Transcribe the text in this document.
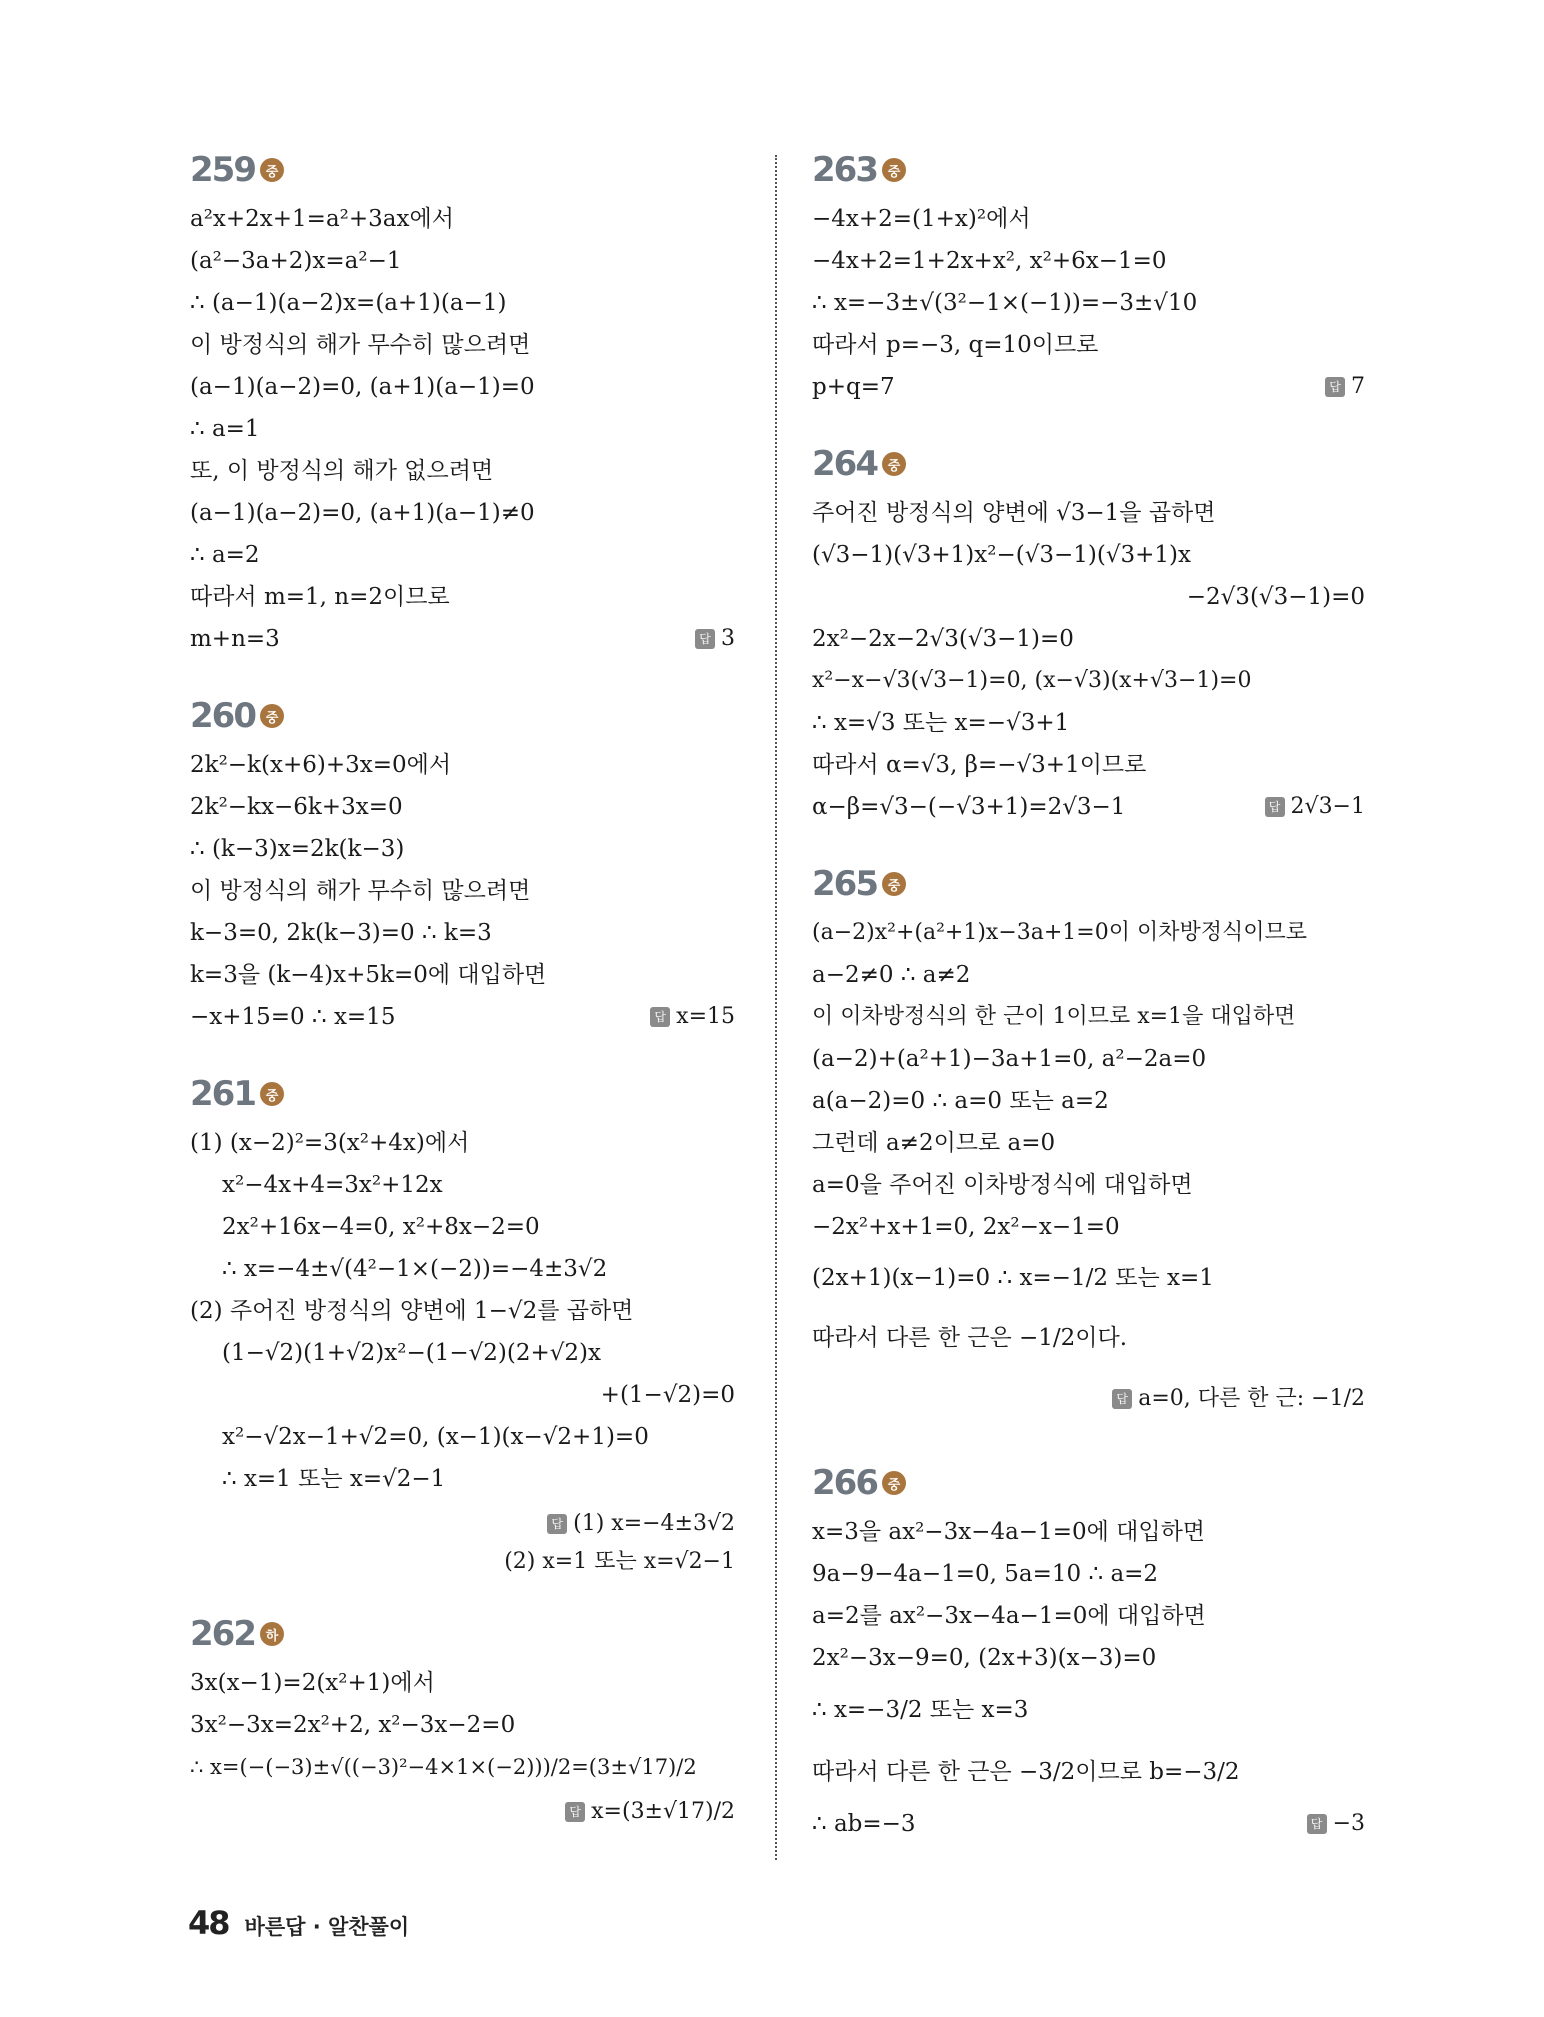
259 중
a²x+2x+1=a²+3ax에서
(a²−3a+2)x=a²−1
∴ (a−1)(a−2)x=(a+1)(a−1)
이 방정식의 해가 무수히 많으려면
(a−1)(a−2)=0, (a+1)(a−1)=0
∴ a=1
또, 이 방정식의 해가 없으려면
(a−1)(a−2)=0, (a+1)(a−1)≠0
∴ a=2
따라서 m=1, n=2이므로
m+n=3	답 3
260 중
2k²−k(x+6)+3x=0에서
2k²−kx−6k+3x=0
∴ (k−3)x=2k(k−3)
이 방정식의 해가 무수히 많으려면
k−3=0, 2k(k−3)=0 ∴ k=3
k=3을 (k−4)x+5k=0에 대입하면
−x+15=0 ∴ x=15	답 x=15
261 중
(1) (x−2)²=3(x²+4x)에서
x²−4x+4=3x²+12x
2x²+16x−4=0, x²+8x−2=0
∴ x=−4±√(4²−1×(−2))=−4±3√2
(2) 주어진 방정식의 양변에 1−√2를 곱하면
(1−√2)(1+√2)x²−(1−√2)(2+√2)x
+(1−√2)=0
x²−√2x−1+√2=0, (x−1)(x−√2+1)=0
∴ x=1 또는 x=√2−1
답 (1) x=−4±3√2
(2) x=1 또는 x=√2−1
262 하
3x(x−1)=2(x²+1)에서
3x²−3x=2x²+2, x²−3x−2=0
∴ x=(−(−3)±√((−3)²−4×1×(−2)))/2=(3±√17)/2
답 x=(3±√17)/2
263 중
−4x+2=(1+x)²에서
−4x+2=1+2x+x², x²+6x−1=0
∴ x=−3±√(3²−1×(−1))=−3±√10
따라서 p=−3, q=10이므로
p+q=7	답 7
264 중
주어진 방정식의 양변에 √3−1을 곱하면
(√3−1)(√3+1)x²−(√3−1)(√3+1)x
−2√3(√3−1)=0
2x²−2x−2√3(√3−1)=0
x²−x−√3(√3−1)=0, (x−√3)(x+√3−1)=0
∴ x=√3 또는 x=−√3+1
따라서 α=√3, β=−√3+1이므로
α−β=√3−(−√3+1)=2√3−1	답 2√3−1
265 중
(a−2)x²+(a²+1)x−3a+1=0이 이차방정식이므로
a−2≠0 ∴ a≠2
이 이차방정식의 한 근이 1이므로 x=1을 대입하면
(a−2)+(a²+1)−3a+1=0, a²−2a=0
a(a−2)=0 ∴ a=0 또는 a=2
그런데 a≠2이므로 a=0
a=0을 주어진 이차방정식에 대입하면
−2x²+x+1=0, 2x²−x−1=0
(2x+1)(x−1)=0 ∴ x=−1/2 또는 x=1
따라서 다른 한 근은 −1/2이다.
답 a=0, 다른 한 근: −1/2
266 중
x=3을 ax²−3x−4a−1=0에 대입하면
9a−9−4a−1=0, 5a=10 ∴ a=2
a=2를 ax²−3x−4a−1=0에 대입하면
2x²−3x−9=0, (2x+3)(x−3)=0
∴ x=−3/2 또는 x=3
따라서 다른 한 근은 −3/2이므로 b=−3/2
∴ ab=−3	답 −3
48 바른답 · 알찬풀이
